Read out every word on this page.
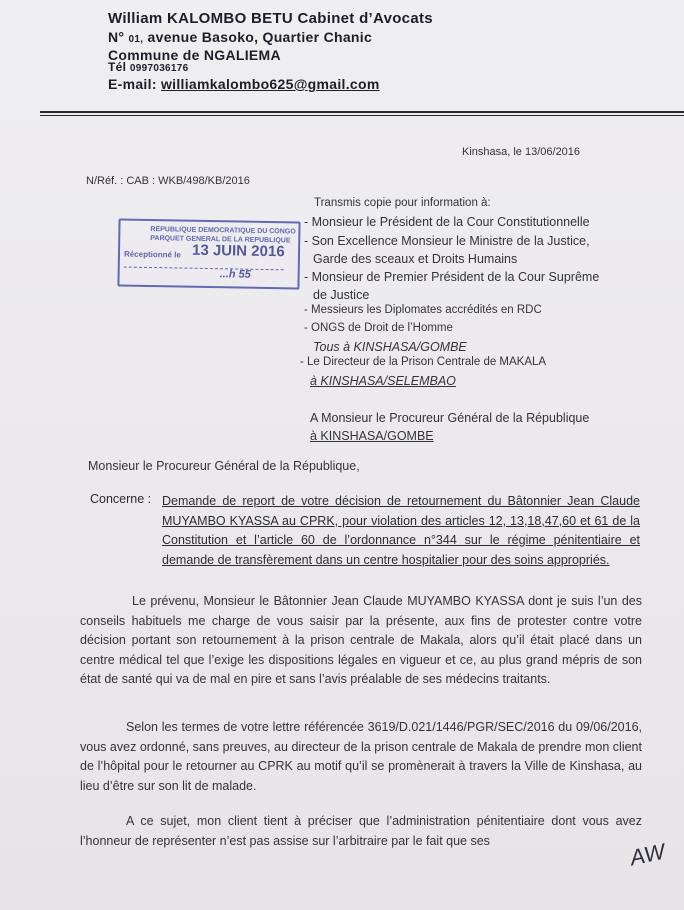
William KALOMBO BETU Cabinet d’Avocats
N° 01, avenue Basoko, Quartier Chanic
Commune de NGALIEMA
Tél 0997036176
E-mail: williamkalombo625@gmail.com
Kinshasa, le 13/06/2016
N/Réf. : CAB : WKB/498/KB/2016
REPUBLIQUE DEMOCRATIQUE DU CONGO
PARQUET GENERAL DE LA REPUBLIQUE
Réceptionné le 13 JUIN 2016
...h 55
Transmis copie pour information à:
- Monsieur le Président de la Cour Constitutionnelle
- Son Excellence Monsieur le Ministre de la Justice,
Garde des sceaux et Droits Humains
- Monsieur de Premier Président de la Cour Suprême
de Justice
- Messieurs les Diplomates accrédités en RDC
- ONGS de Droit de l’Homme
Tous à KINSHASA/GOMBE
- Le Directeur de la Prison Centrale de MAKALA
à KINSHASA/SELEMBAO
A Monsieur le Procureur Général de la République
à KINSHASA/GOMBE
Monsieur le Procureur Général de la République,
Concerne : Demande de report de votre décision de retournement du Bâtonnier Jean Claude MUYAMBO KYASSA au CPRK, pour violation des articles 12, 13,18,47,60 et 61 de la Constitution et l’article 60 de l’ordonnance n°344 sur le régime pénitentiaire et demande de transfèrement dans un centre hospitalier pour des soins appropriés.
Le prévenu, Monsieur le Bâtonnier Jean Claude MUYAMBO KYASSA dont je suis l’un des conseils habituels me charge de vous saisir par la présente, aux fins de protester contre votre décision portant son retournement à la prison centrale de Makala, alors qu’il était placé dans un centre médical tel que l’exige les dispositions légales en vigueur et ce, au plus grand mépris de son état de santé qui va de mal en pire et sans l’avis préalable de ses médecins traitants.
Selon les termes de votre lettre référencée 3619/D.021/1446/PGR/SEC/2016 du 09/06/2016, vous avez ordonné, sans preuves, au directeur de la prison centrale de Makala de prendre mon client de l’hôpital pour le retourner au CPRK au motif qu’il se promènerait à travers la Ville de Kinshasa, au lieu d’être sur son lit de malade.
A ce sujet, mon client tient à préciser que l’administration pénitentiaire dont vous avez l’honneur de représenter n’est pas assise sur l’arbitraire par le fait que ses	AW
